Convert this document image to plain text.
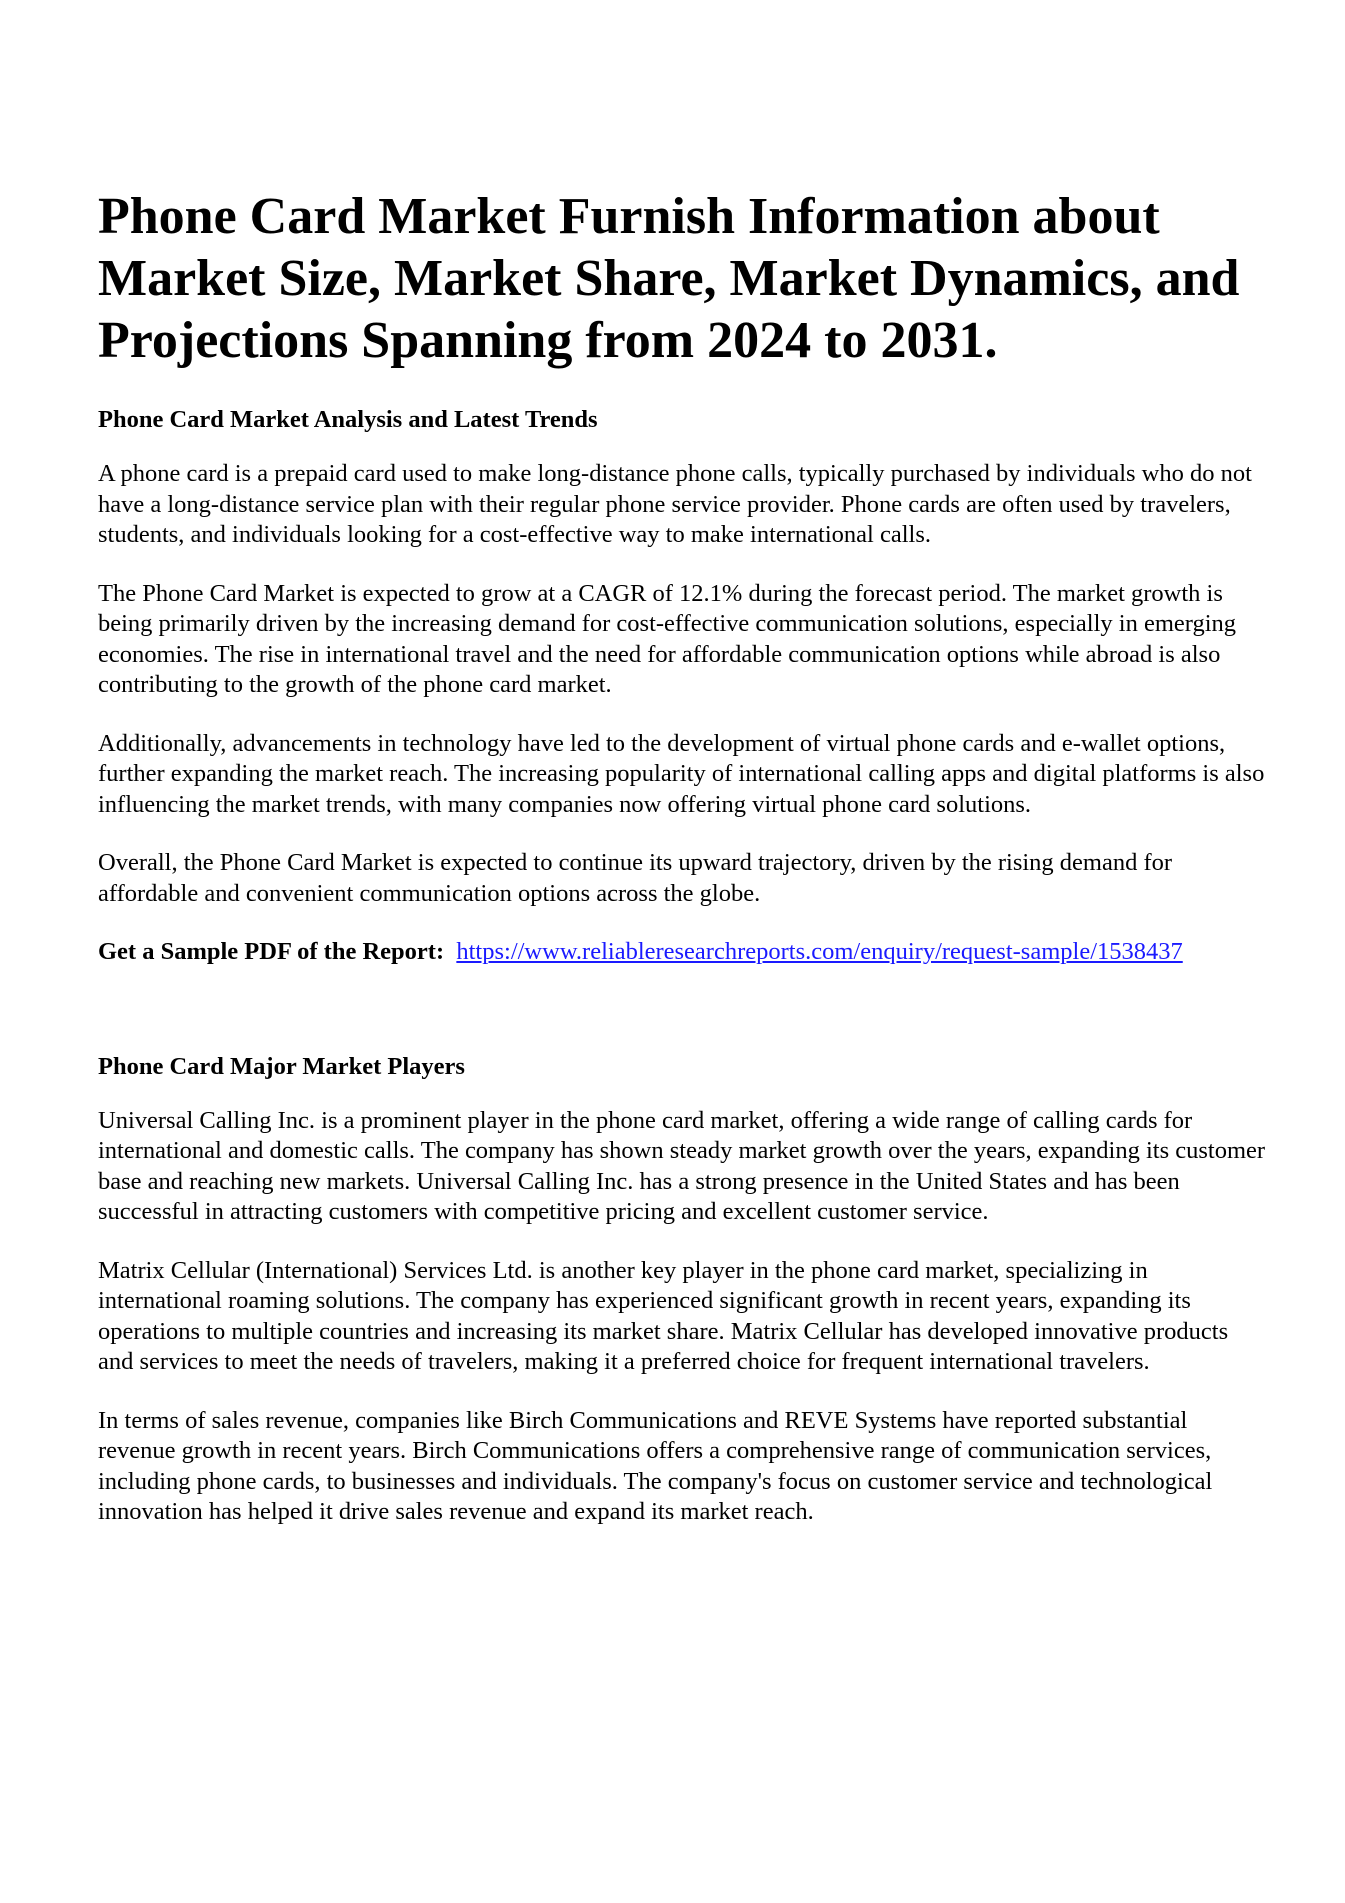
Phone Card Market Furnish Information about Market Size, Market Share, Market Dynamics, and Projections Spanning from 2024 to 2031.
Phone Card Market Analysis and Latest Trends

A phone card is a prepaid card used to make long-distance phone calls, typically purchased by individuals who do not have a long-distance service plan with their regular phone service provider. Phone cards are often used by travelers, students, and individuals looking for a cost-effective way to make international calls.

The Phone Card Market is expected to grow at a CAGR of 12.1% during the forecast period. The market growth is being primarily driven by the increasing demand for cost-effective communication solutions, especially in emerging economies. The rise in international travel and the need for affordable communication options while abroad is also contributing to the growth of the phone card market.

Additionally, advancements in technology have led to the development of virtual phone cards and e-wallet options, further expanding the market reach. The increasing popularity of international calling apps and digital platforms is also influencing the market trends, with many companies now offering virtual phone card solutions.

Overall, the Phone Card Market is expected to continue its upward trajectory, driven by the rising demand for affordable and convenient communication options across the globe.

Get a Sample PDF of the Report: https://www.reliableresearchreports.com/enquiry/request-sample/1538437

Phone Card Major Market Players

Universal Calling Inc. is a prominent player in the phone card market, offering a wide range of calling cards for international and domestic calls. The company has shown steady market growth over the years, expanding its customer base and reaching new markets. Universal Calling Inc. has a strong presence in the United States and has been successful in attracting customers with competitive pricing and excellent customer service.

Matrix Cellular (International) Services Ltd. is another key player in the phone card market, specializing in international roaming solutions. The company has experienced significant growth in recent years, expanding its operations to multiple countries and increasing its market share. Matrix Cellular has developed innovative products and services to meet the needs of travelers, making it a preferred choice for frequent international travelers.

In terms of sales revenue, companies like Birch Communications and REVE Systems have reported substantial revenue growth in recent years. Birch Communications offers a comprehensive range of communication services, including phone cards, to businesses and individuals. The company's focus on customer service and technological innovation has helped it drive sales revenue and expand its market reach.
